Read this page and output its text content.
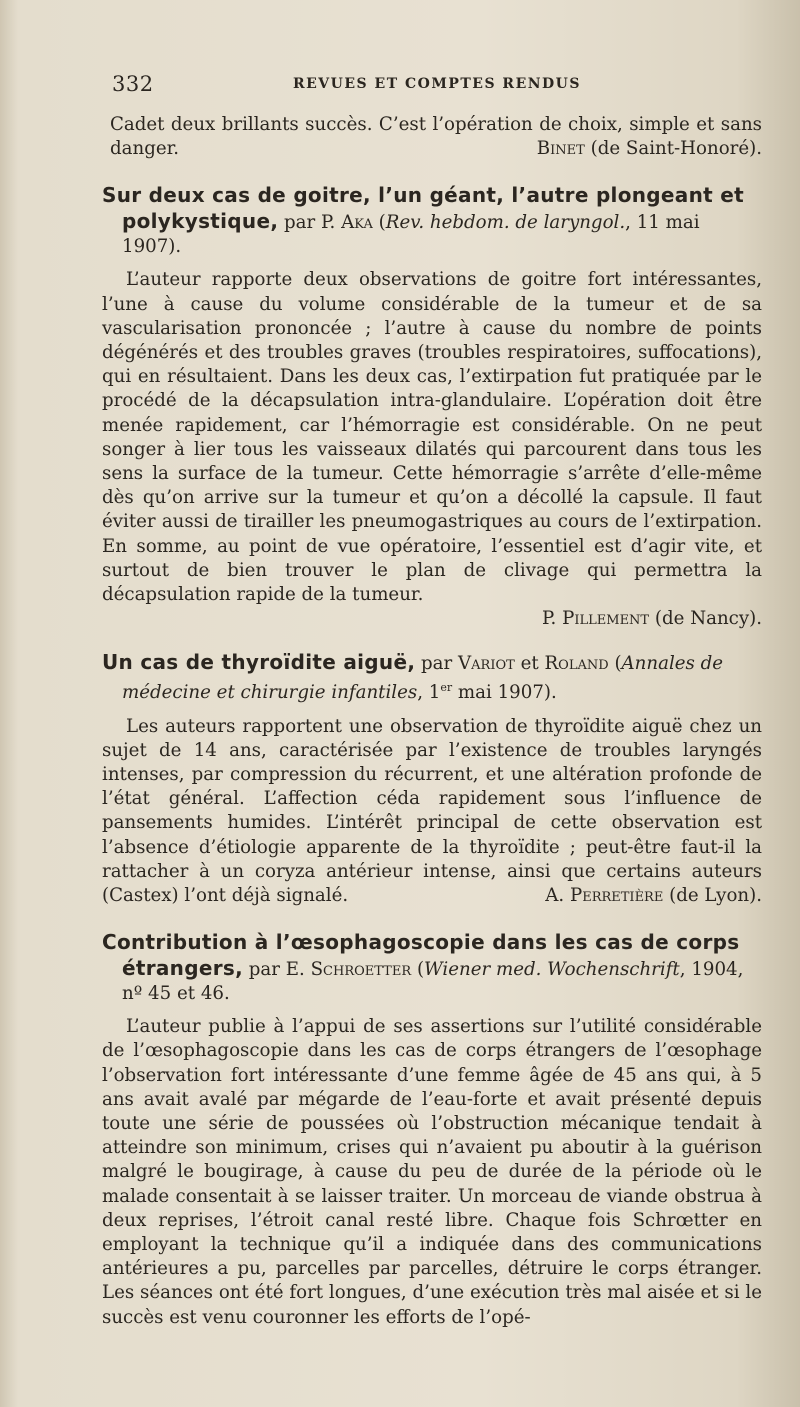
332	REVUES ET COMPTES RENDUS

Cadet deux brillants succès. C’est l’opération de choix, simple et sans danger.	Binet (de Saint-Honoré).

Sur deux cas de goitre, l’un géant, l’autre plongeant et polykystique, par P. Aka (Rev. hebdom. de laryngol., 11 mai 1907).

L’auteur rapporte deux observations de goitre fort intéressantes, l’une à cause du volume considérable de la tumeur et de sa vascularisation prononcée ; l’autre à cause du nombre de points dégénérés et des troubles graves (troubles respiratoires, suffocations), qui en résultaient. Dans les deux cas, l’extirpation fut pratiquée par le procédé de la décapsulation intra-glandulaire. L’opération doit être menée rapidement, car l’hémorragie est considérable. On ne peut songer à lier tous les vaisseaux dilatés qui parcourent dans tous les sens la surface de la tumeur. Cette hémorragie s’arrête d’elle-même dès qu’on arrive sur la tumeur et qu’on a décollé la capsule. Il faut éviter aussi de tirailler les pneumogastriques au cours de l’extirpation. En somme, au point de vue opératoire, l’essentiel est d’agir vite, et surtout de bien trouver le plan de clivage qui permettra la décapsulation rapide de la tumeur.

P. Pillement (de Nancy).

Un cas de thyroïdite aiguë, par Variot et Roland (Annales de médecine et chirurgie infantiles, 1er mai 1907).

Les auteurs rapportent une observation de thyroïdite aiguë chez un sujet de 14 ans, caractérisée par l’existence de troubles laryngés intenses, par compression du récurrent, et une altération profonde de l’état général. L’affection céda rapidement sous l’influence de pansements humides. L’intérêt principal de cette observation est l’absence d’étiologie apparente de la thyroïdite ; peut-être faut-il la rattacher à un coryza antérieur intense, ainsi que certains auteurs (Castex) l’ont déjà signalé.	A. Perretière (de Lyon).

Contribution à l’œsophagoscopie dans les cas de corps étrangers, par E. Schroetter (Wiener med. Wochenschrift, 1904, nº 45 et 46.

L’auteur publie à l’appui de ses assertions sur l’utilité considérable de l’œsophagoscopie dans les cas de corps étrangers de l’œsophage l’observation fort intéressante d’une femme âgée de 45 ans qui, à 5 ans avait avalé par mégarde de l’eau-forte et avait présenté depuis toute une série de poussées où l’obstruction mécanique tendait à atteindre son minimum, crises qui n’avaient pu aboutir à la guérison malgré le bougirage, à cause du peu de durée de la période où le malade consentait à se laisser traiter. Un morceau de viande obstrua à deux reprises, l’étroit canal resté libre. Chaque fois Schrœtter en employant la technique qu’il a indiquée dans des communications antérieures a pu, parcelles par parcelles, détruire le corps étranger. Les séances ont été fort longues, d’une exécution très mal aisée et si le succès est venu couronner les efforts de l’opé-
